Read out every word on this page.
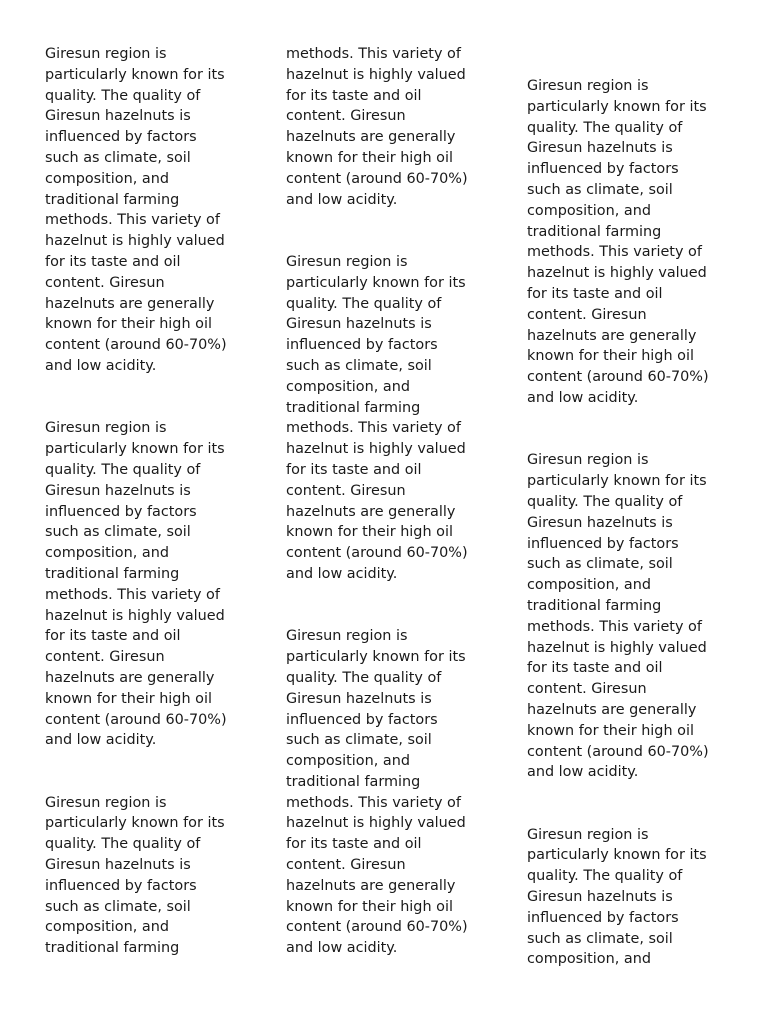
Giresun region is

particularly known for its

quality. The quality of

Giresun hazelnuts is

influenced by factors

such as climate, soil

composition, and

traditional farming

methods. This variety of

hazelnut is highly valued

for its taste and oil

content. Giresun

hazelnuts are generally

known for their high oil

content (around 60-70%)

and low acidity.

Giresun region is

particularly known for its

quality. The quality of

Giresun hazelnuts is

influenced by factors

such as climate, soil

composition, and

traditional farming

methods. This variety of

hazelnut is highly valued

for its taste and oil

content. Giresun

hazelnuts are generally

known for their high oil

content (around 60-70%)

and low acidity.

Giresun region is

particularly known for its

quality. The quality of

Giresun hazelnuts is

influenced by factors

such as climate, soil

composition, and

traditional farming

methods. This variety of

hazelnut is highly valued

for its taste and oil

content. Giresun

hazelnuts are generally

known for their high oil

content (around 60-70%)

and low acidity.

Giresun region is

particularly known for its

quality. The quality of

Giresun hazelnuts is

influenced by factors

such as climate, soil

composition, and

traditional farming

methods. This variety of

hazelnut is highly valued

for its taste and oil

content. Giresun

hazelnuts are generally

known for their high oil

content (around 60-70%)

and low acidity.

Giresun region is

particularly known for its

quality. The quality of

Giresun hazelnuts is

influenced by factors

such as climate, soil

composition, and

traditional farming

methods. This variety of

hazelnut is highly valued

for its taste and oil

content. Giresun

hazelnuts are generally

known for their high oil

content (around 60-70%)

and low acidity.

Giresun region is

particularly known for its

quality. The quality of

Giresun hazelnuts is

influenced by factors

such as climate, soil

composition, and

traditional farming

methods. This variety of

hazelnut is highly valued

for its taste and oil

content. Giresun

hazelnuts are generally

known for their high oil

content (around 60-70%)

and low acidity.

Giresun region is

particularly known for its

quality. The quality of

Giresun hazelnuts is

influenced by factors

such as climate, soil

composition, and

traditional farming

methods. This variety of

hazelnut is highly valued

for its taste and oil

content. Giresun

hazelnuts are generally

known for their high oil

content (around 60-70%)

and low acidity.

Giresun region is

particularly known for its

quality. The quality of

Giresun hazelnuts is

influenced by factors

such as climate, soil

composition, and
